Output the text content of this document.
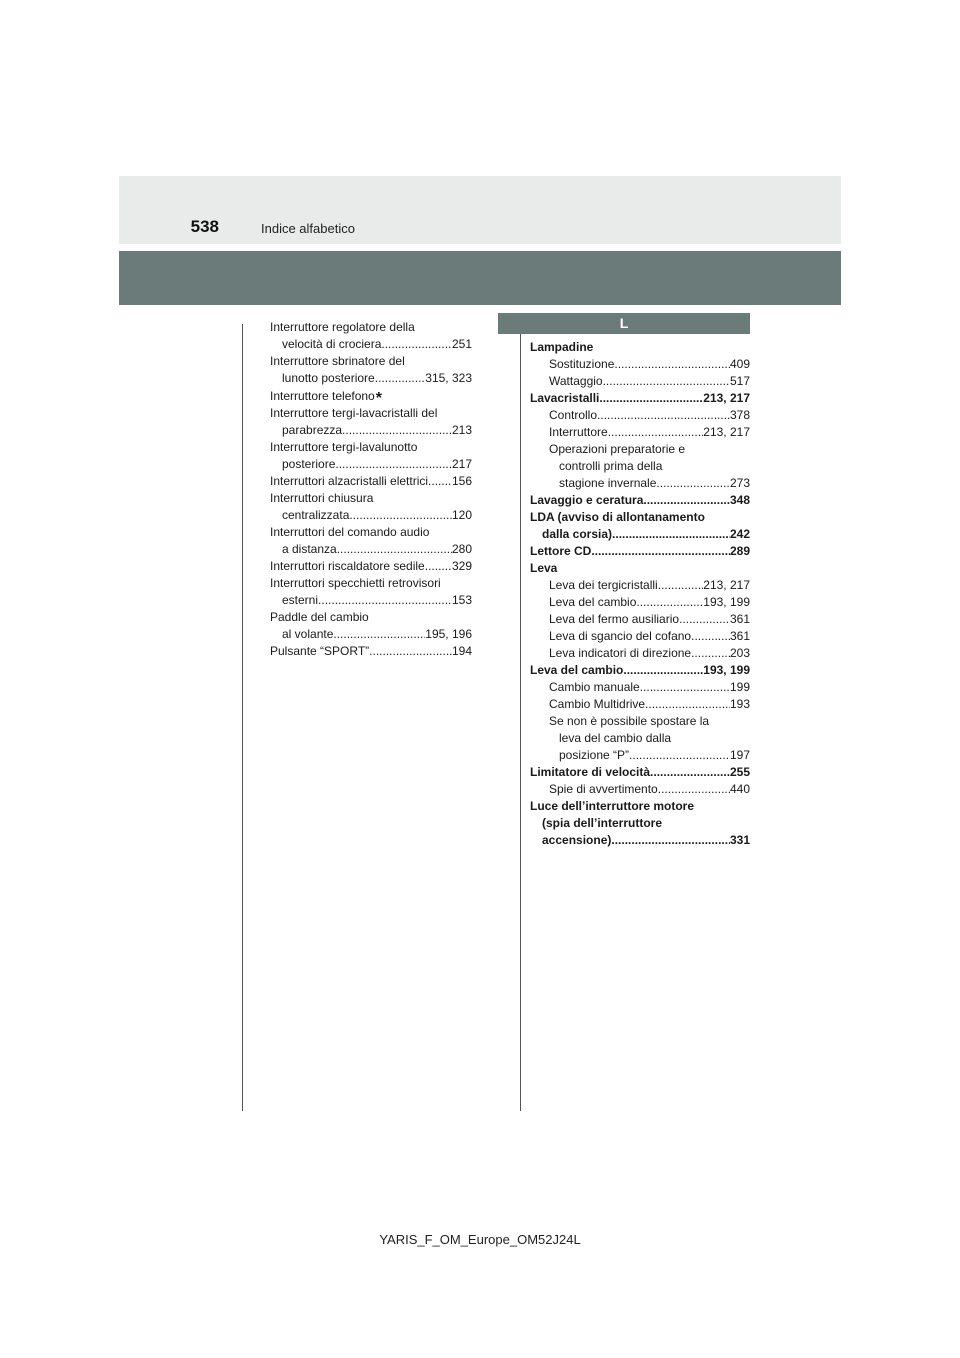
538	Indice alfabetico
Interruttore regolatore della
velocità di crociera .....	251
Interruttore sbrinatore del
lunotto posteriore .....	315, 323
Interruttore telefono*
Interruttore tergi-lavacristalli del
parabrezza .....	213
Interruttore tergi-lavalunotto
posteriore .....	217
Interruttori alzacristalli elettrici ..... 156
Interruttori chiusura
centralizzata .....	120
Interruttori del comando audio
a distanza .....	280
Interruttori riscaldatore sedile ..... 329
Interruttori specchietti retrovisori
esterni .....	153
Paddle del cambio
al volante .....	195, 196
Pulsante “SPORT” .....	194
L
Lampadine
Sostituzione .....	409
Wattaggio .....	517
Lavacristalli .....	213, 217
Controllo .....	378
Interruttore .....	213, 217
Operazioni preparatorie e
controlli prima della
stagione invernale .....	273
Lavaggio e ceratura .....	348
LDA (avviso di allontanamento
dalla corsia) .....	242
Lettore CD .....	289
Leva
Leva dei tergicristalli .....	213, 217
Leva del cambio .....	193, 199
Leva del fermo ausiliario .....	361
Leva di sgancio del cofano .....	361
Leva indicatori di direzione .....	203
Leva del cambio .....	193, 199
Cambio manuale .....	199
Cambio Multidrive .....	193
Se non è possibile spostare la
leva del cambio dalla
posizione “P” .....	197
Limitatore di velocità .....	255
Spie di avvertimento .....	440
Luce dell’interruttore motore
(spia dell’interruttore
accensione) .....	331
YARIS_F_OM_Europe_OM52J24L
